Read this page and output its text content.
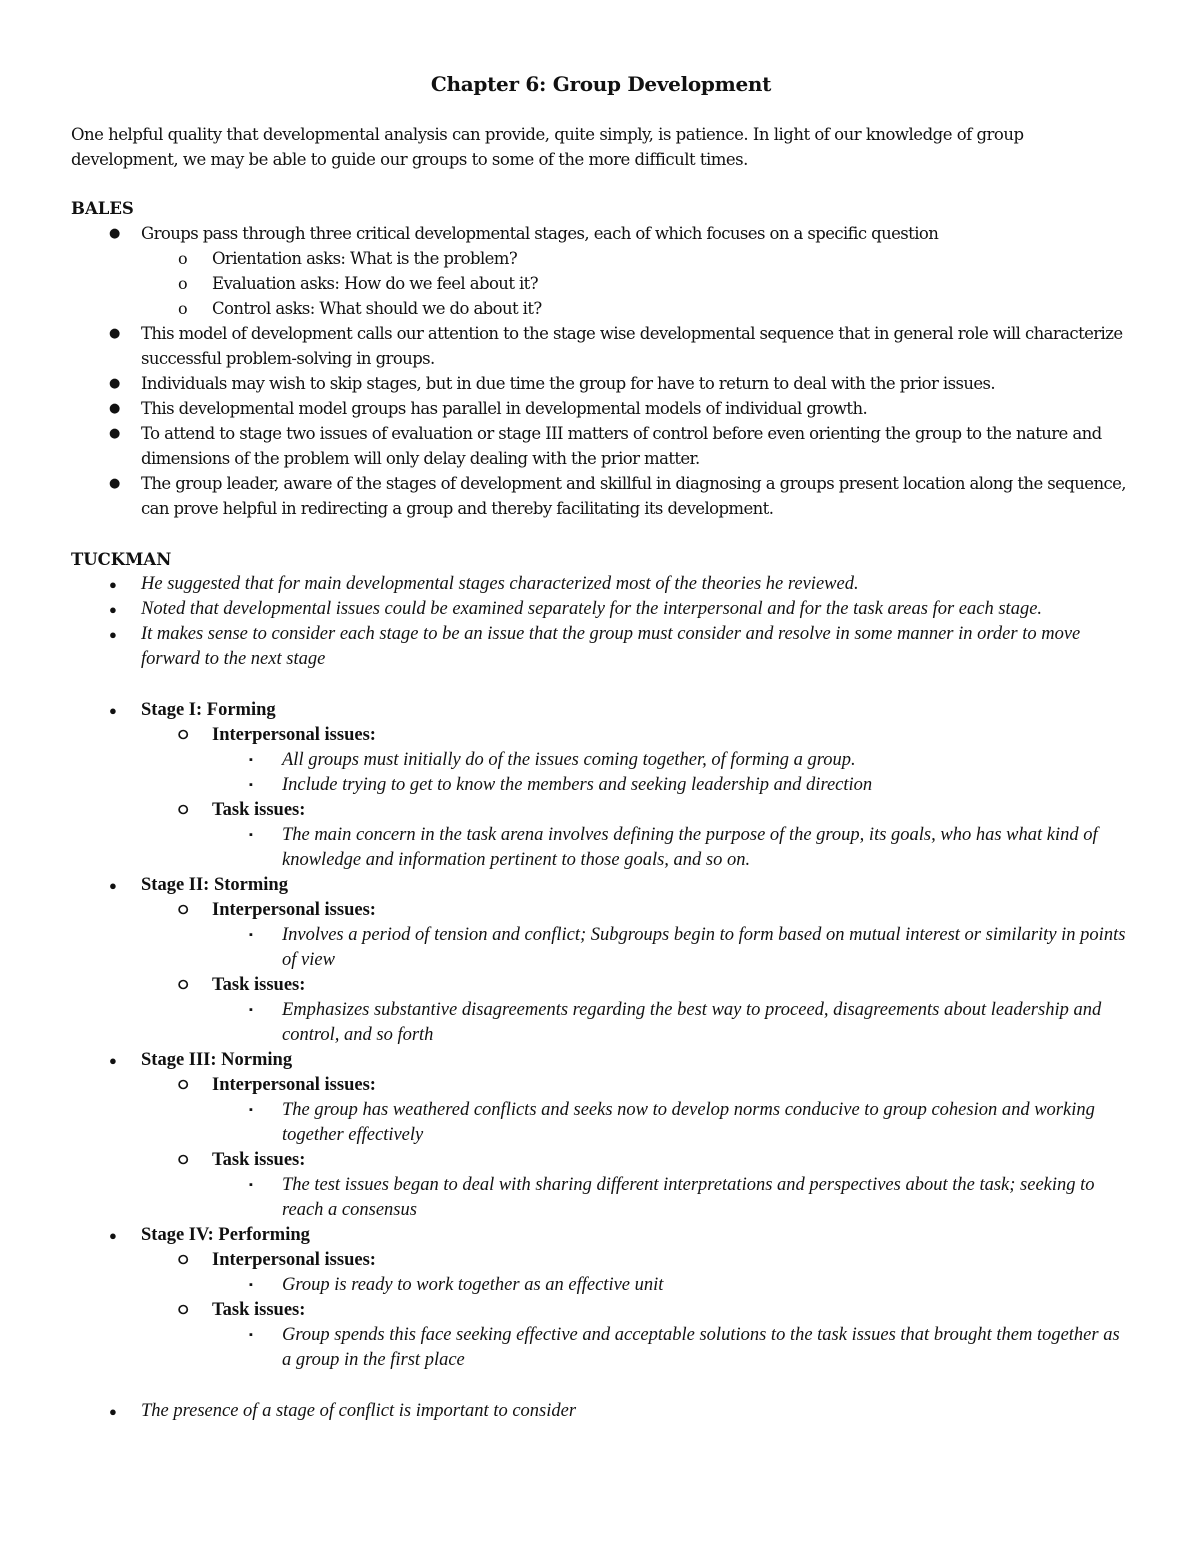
Chapter 6: Group Development

One helpful quality that developmental analysis can provide, quite simply, is patience. In light of our knowledge of group development, we may be able to guide our groups to some of the more difficult times.

BALES

● Groups pass through three critical developmental stages, each of which focuses on a specific question
o Orientation asks: What is the problem?
o Evaluation asks: How do we feel about it?
o Control asks: What should we do about it?
● This model of development calls our attention to the stage wise developmental sequence that in general role will characterize successful problem-solving in groups.
● Individuals may wish to skip stages, but in due time the group for have to return to deal with the prior issues.
● This developmental model groups has parallel in developmental models of individual growth.
● To attend to stage two issues of evaluation or stage III matters of control before even orienting the group to the nature and dimensions of the problem will only delay dealing with the prior matter.
● The group leader, aware of the stages of development and skillful in diagnosing a groups present location along the sequence, can prove helpful in redirecting a group and thereby facilitating its development.

TUCKMAN

● He suggested that for main developmental stages characterized most of the theories he reviewed.
● Noted that developmental issues could be examined separately for the interpersonal and for the task areas for each stage.
● It makes sense to consider each stage to be an issue that the group must consider and resolve in some manner in order to move forward to the next stage
● Stage I: Forming
⭘ Interpersonal issues:
▪ All groups must initially do of the issues coming together, of forming a group.
▪ Include trying to get to know the members and seeking leadership and direction
⭘ Task issues:
▪ The main concern in the task arena involves defining the purpose of the group, its goals, who has what kind of knowledge and information pertinent to those goals, and so on.
● Stage II: Storming
⭘ Interpersonal issues:
▪ Involves a period of tension and conflict; Subgroups begin to form based on mutual interest or similarity in points of view
⭘ Task issues:
▪ Emphasizes substantive disagreements regarding the best way to proceed, disagreements about leadership and control, and so forth
● Stage III: Norming
⭘ Interpersonal issues:
▪ The group has weathered conflicts and seeks now to develop norms conducive to group cohesion and working together effectively
⭘ Task issues:
▪ The test issues began to deal with sharing different interpretations and perspectives about the task; seeking to reach a consensus
● Stage IV: Performing
⭘ Interpersonal issues:
▪ Group is ready to work together as an effective unit
⭘ Task issues:
▪ Group spends this face seeking effective and acceptable solutions to the task issues that brought them together as a group in the first place
● The presence of a stage of conflict is important to consider
